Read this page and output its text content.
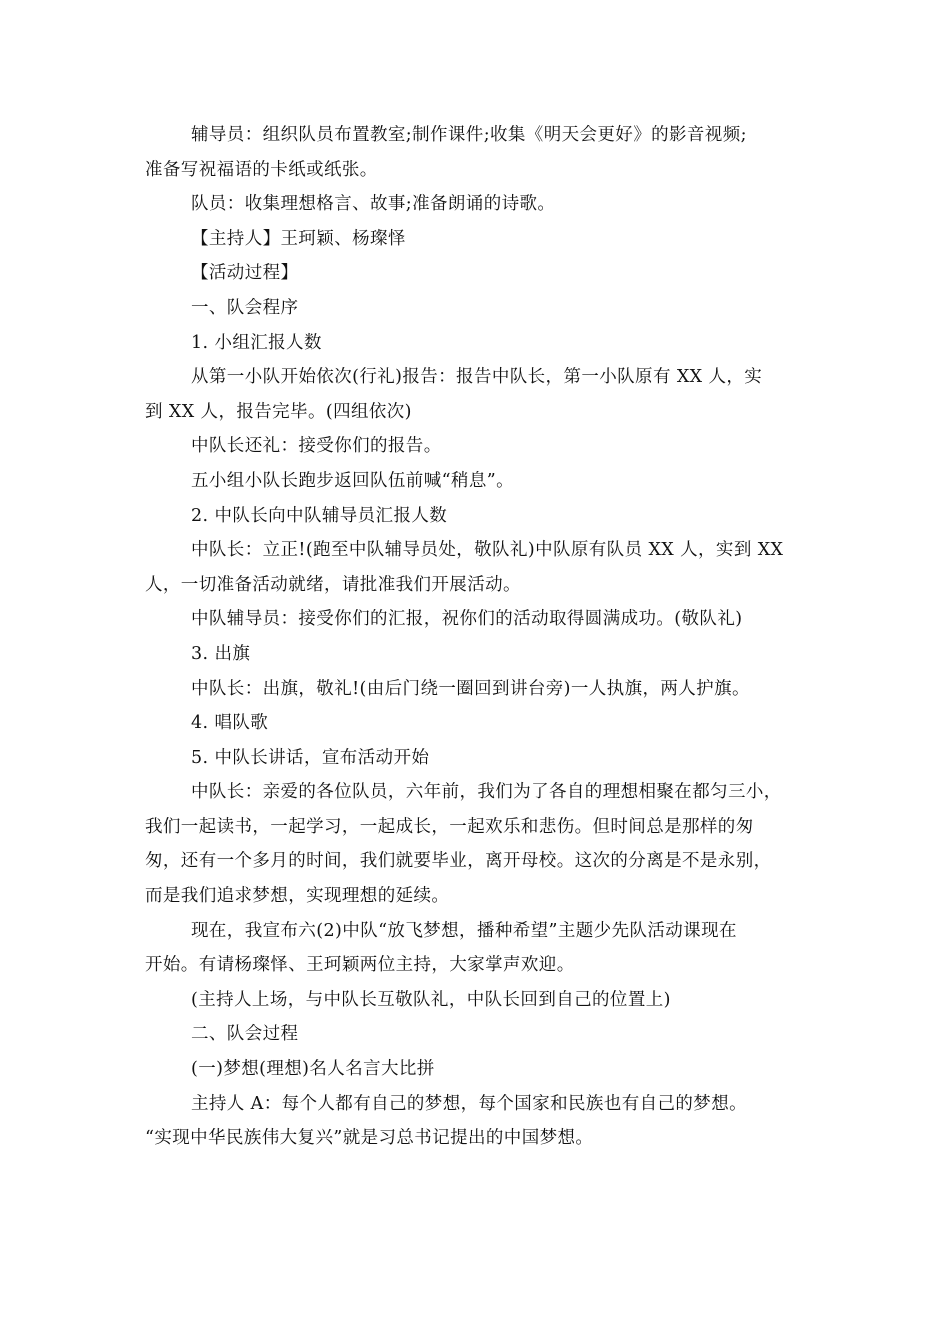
辅导员：组织队员布置教室;制作课件;收集《明天会更好》的影音视频;
准备写祝福语的卡纸或纸张。
队员：收集理想格言、故事;准备朗诵的诗歌。
【主持人】王珂颖、杨璨怿
【活动过程】
一、队会程序
1. 小组汇报人数
从第一小队开始依次(行礼)报告：报告中队长，第一小队原有 XX 人，实
到 XX 人，报告完毕。(四组依次)
中队长还礼：接受你们的报告。
五小组小队长跑步返回队伍前喊“稍息”。
2. 中队长向中队辅导员汇报人数
中队长：立正!(跑至中队辅导员处，敬队礼)中队原有队员 XX 人，实到 XX
人，一切准备活动就绪，请批准我们开展活动。
中队辅导员：接受你们的汇报，祝你们的活动取得圆满成功。(敬队礼)
3. 出旗
中队长：出旗，敬礼!(由后门绕一圈回到讲台旁)一人执旗，两人护旗。
4. 唱队歌
5. 中队长讲话，宣布活动开始
中队长：亲爱的各位队员，六年前，我们为了各自的理想相聚在都匀三小，
我们一起读书，一起学习，一起成长，一起欢乐和悲伤。但时间总是那样的匆
匆，还有一个多月的时间，我们就要毕业，离开母校。这次的分离是不是永别，
而是我们追求梦想，实现理想的延续。
现在，我宣布六(2)中队“放飞梦想，播种希望”主题少先队活动课现在
开始。有请杨璨怿、王珂颖两位主持，大家掌声欢迎。
(主持人上场，与中队长互敬队礼，中队长回到自己的位置上)
二、队会过程
(一)梦想(理想)名人名言大比拼
主持人 A：每个人都有自己的梦想，每个国家和民族也有自己的梦想。
“实现中华民族伟大复兴”就是习总书记提出的中国梦想。
